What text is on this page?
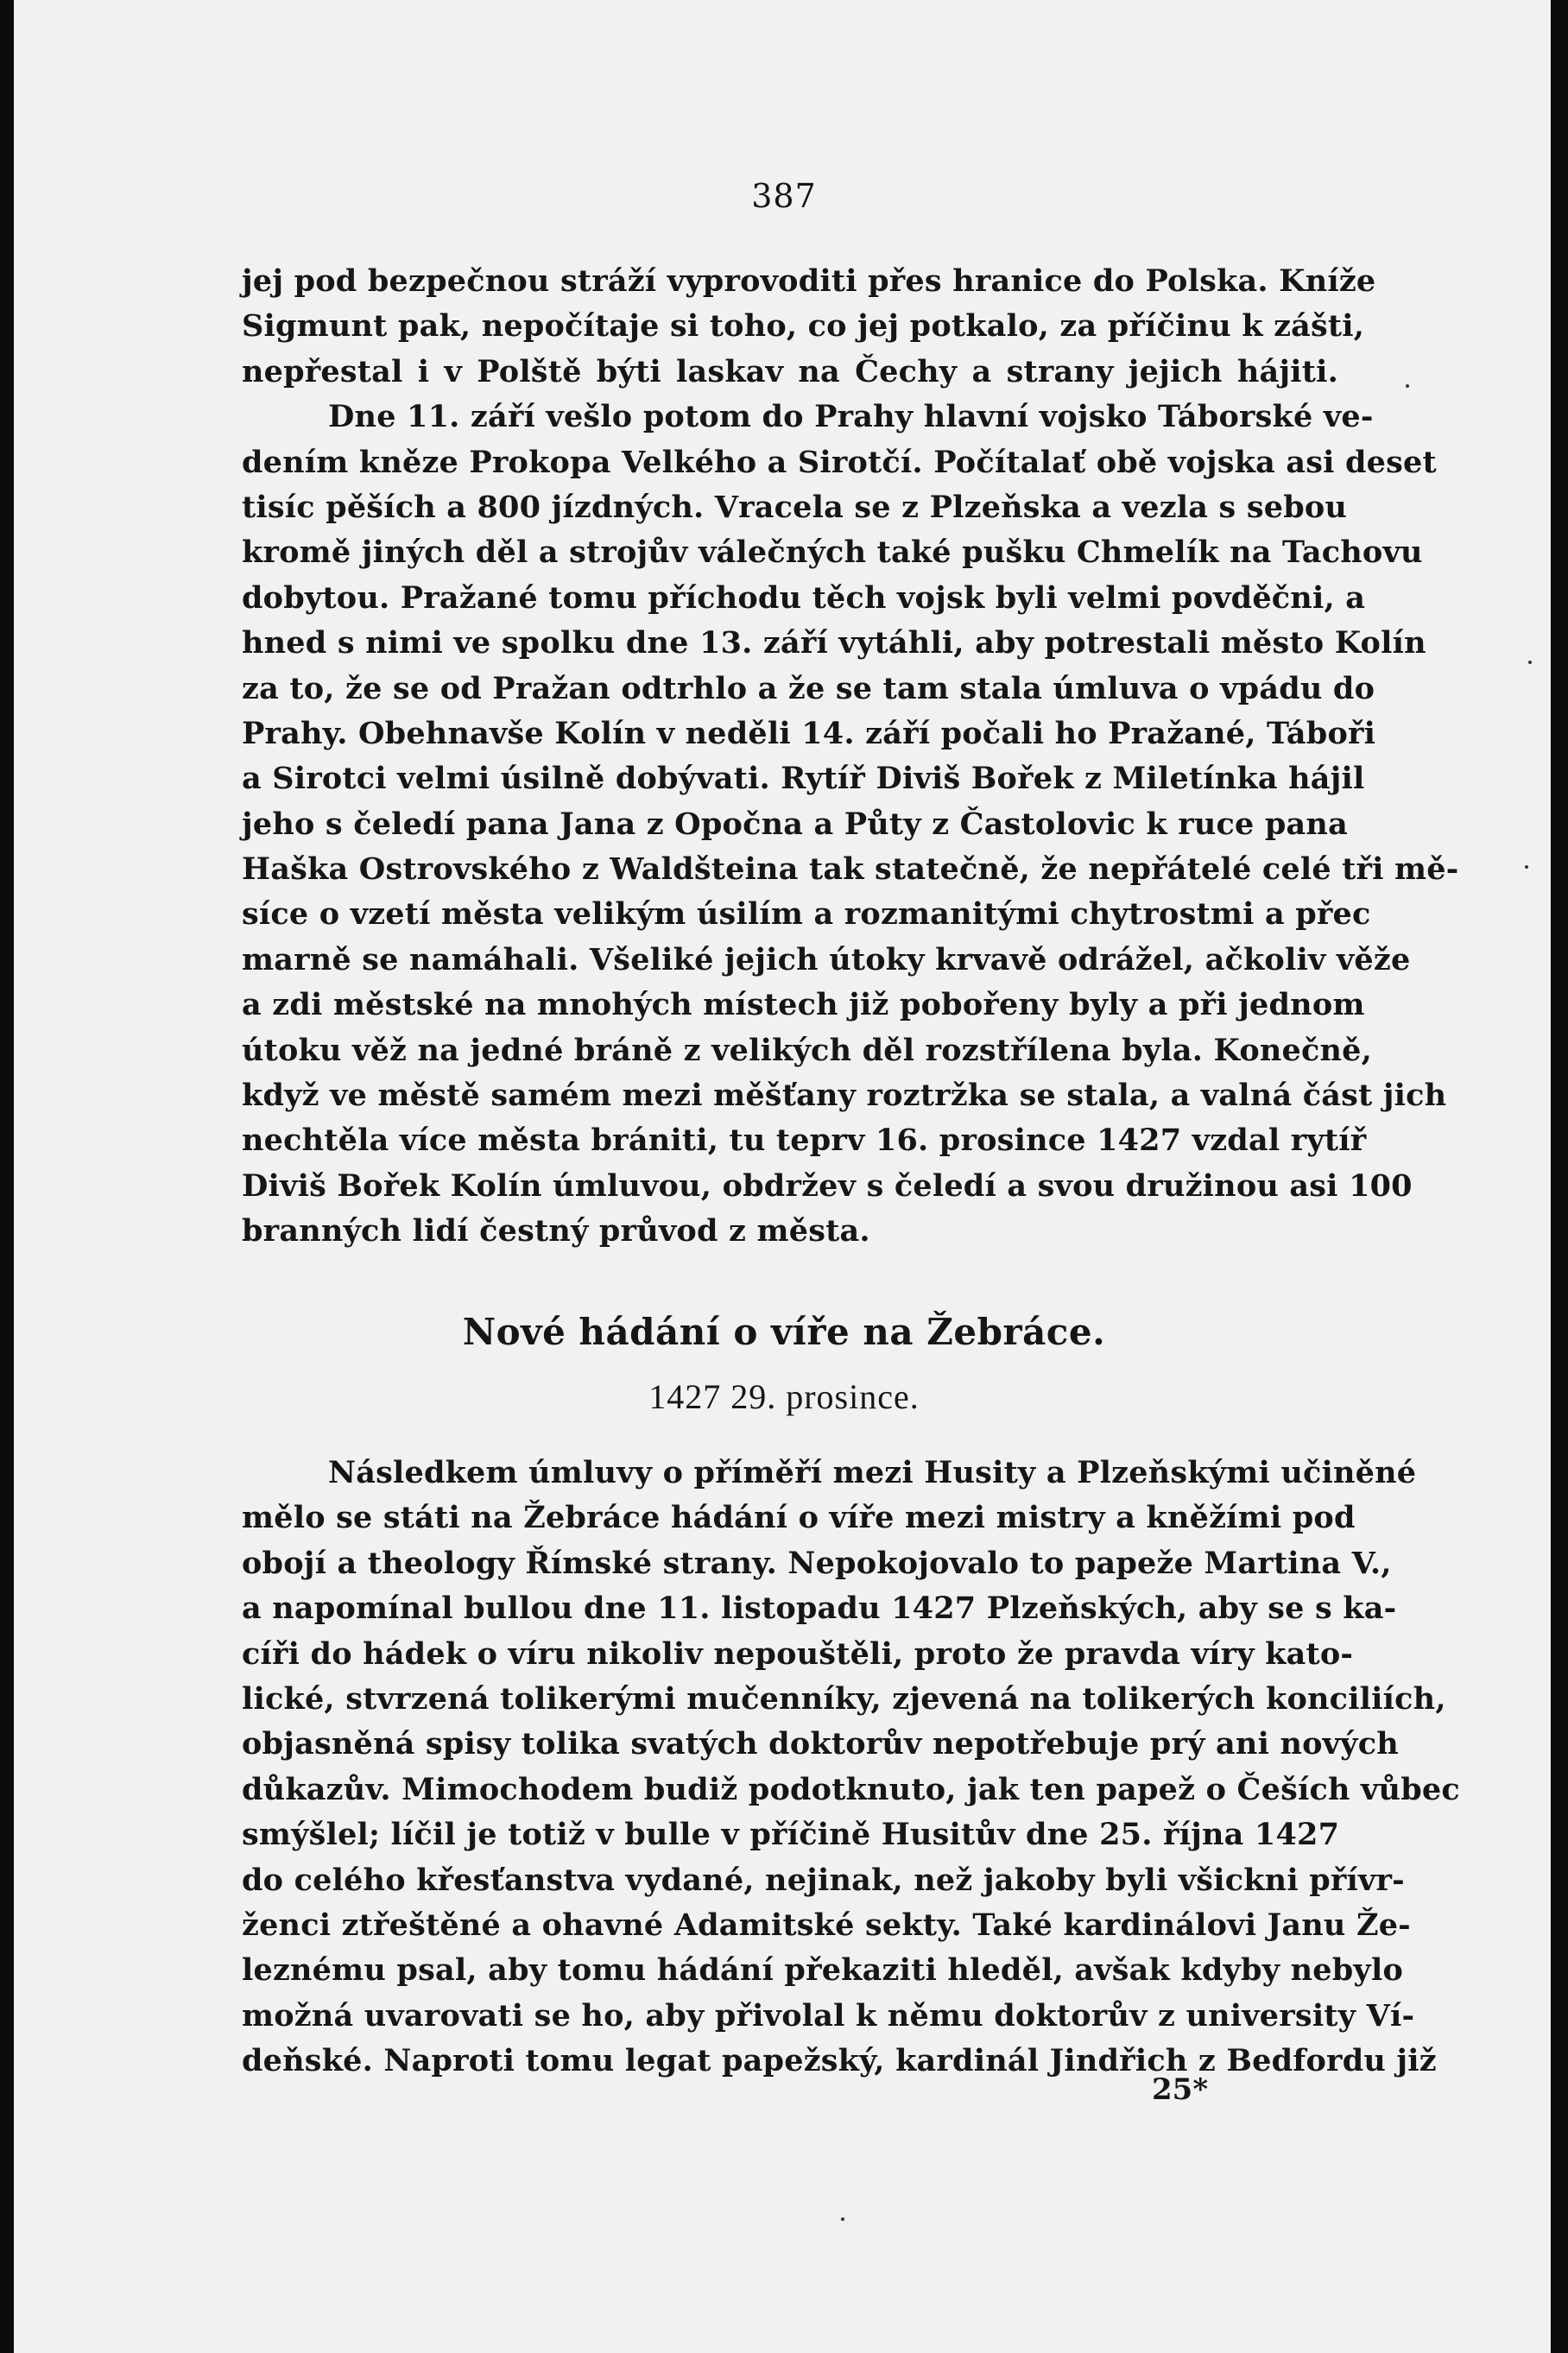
387
jej pod bezpečnou stráží vyprovoditi přes hranice do Polska. Kníže
Sigmunt pak, nepočítaje si toho, co jej potkalo, za příčinu k zášti,
nepřestal i v Polště býti laskav na Čechy a strany jejich hájiti.
Dne 11. září vešlo potom do Prahy hlavní vojsko Táborské ve-
dením kněze Prokopa Velkého a Sirotčí. Počítalať obě vojska asi deset
tisíc pěších a 800 jízdných. Vracela se z Plzeňska a vezla s sebou
kromě jiných děl a strojův válečných také pušku Chmelík na Tachovu
dobytou. Pražané tomu příchodu těch vojsk byli velmi povděčni, a
hned s nimi ve spolku dne 13. září vytáhli, aby potrestali město Kolín
za to, že se od Pražan odtrhlo a že se tam stala úmluva o vpádu do
Prahy. Obehnavše Kolín v neděli 14. září počali ho Pražané, Táboři
a Sirotci velmi úsilně dobývati. Rytíř Diviš Bořek z Miletínka hájil
jeho s čeledí pana Jana z Opočna a Půty z Častolovic k ruce pana
Haška Ostrovského z Waldšteina tak statečně, že nepřátelé celé tři mě-
síce o vzetí města velikým úsilím a rozmanitými chytrostmi a přec
marně se namáhali. Všeliké jejich útoky krvavě odrážel, ačkoliv věže
a zdi městské na mnohých místech již pobořeny byly a při jednom
útoku věž na jedné bráně z velikých děl rozstřílena byla. Konečně,
když ve městě samém mezi měšťany roztržka se stala, a valná část jich
nechtěla více města brániti, tu teprv 16. prosince 1427 vzdal rytíř
Diviš Bořek Kolín úmluvou, obdržev s čeledí a svou družinou asi 100
branných lidí čestný průvod z města.
Nové hádání o víře na Žebráce.
1427 29. prosince.
Následkem úmluvy o příměří mezi Husity a Plzeňskými učiněné
mělo se státi na Žebráce hádání o víře mezi mistry a kněžími pod
obojí a theology Římské strany. Nepokojovalo to papeže Martina V.,
a napomínal bullou dne 11. listopadu 1427 Plzeňských, aby se s ka-
cíři do hádek o víru nikoliv nepouštěli, proto že pravda víry kato-
lické, stvrzená tolikerými mučenníky, zjevená na tolikerých konciliích,
objasněná spisy tolika svatých doktorův nepotřebuje prý ani nových
důkazův. Mimochodem budiž podotknuto, jak ten papež o Češích vůbec
smýšlel; líčil je totiž v bulle v příčině Husitův dne 25. října 1427
do celého křesťanstva vydané, nejinak, než jakoby byli všickni přívr-
ženci ztřeštěné a ohavné Adamitské sekty. Také kardinálovi Janu Že-
leznému psal, aby tomu hádání překaziti hleděl, avšak kdyby nebylo
možná uvarovati se ho, aby přivolal k němu doktorův z university Ví-
deňské. Naproti tomu legat papežský, kardinál Jindřich z Bedfordu již
25*
